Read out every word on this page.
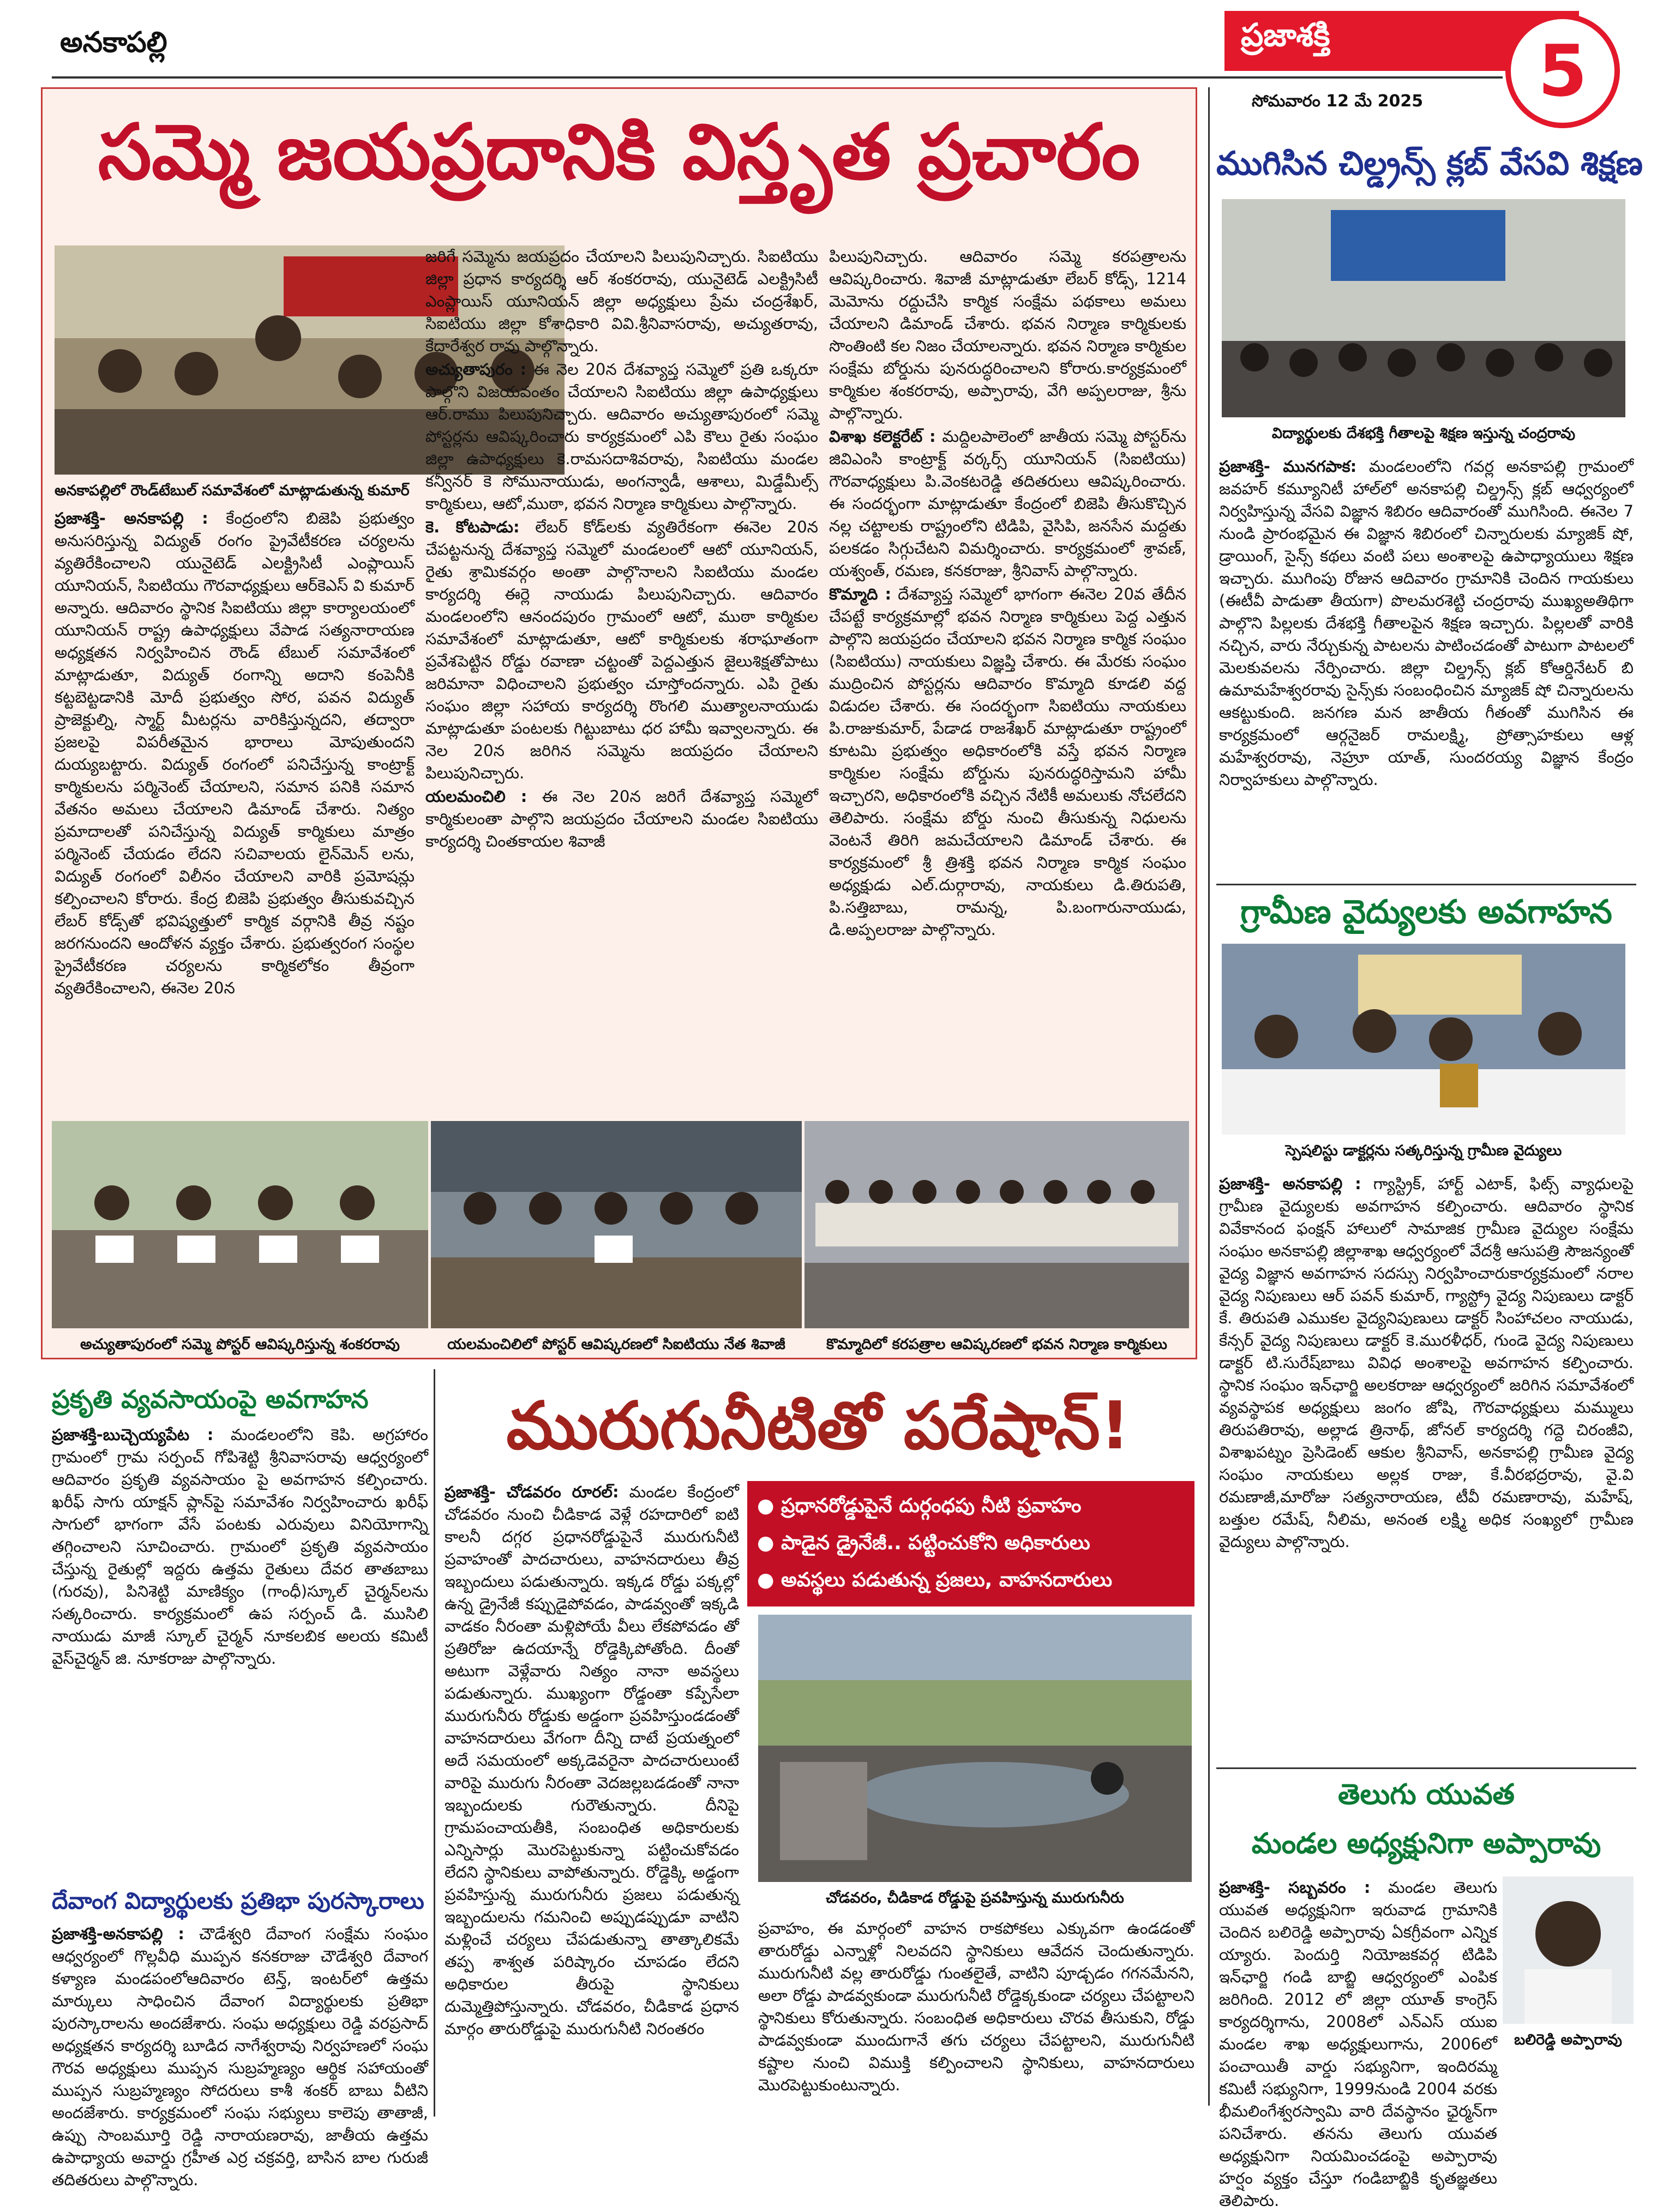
అనకాపల్లి	ప్రజాశక్తి	5
సోమవారం 12 మే 2025
సమ్మె జయప్రదానికి విస్తృత ప్రచారం
అనకాపల్లిలో రౌండ్‌టేబుల్ సమావేశంలో మాట్లాడుతున్న కుమార్

ప్రజాశక్తి- అనకాపల్లి : కేంద్రంలోని బిజెపి ప్రభుత్వం అనుసరిస్తున్న విద్యుత్ రంగం ప్రైవేటీకరణ చర్యలను వ్యతిరేకించాలని యునైటెడ్ ఎలక్ట్రిసిటీ ఎంప్లాయిస్ యూనియన్, సిఐటియు గౌరవాధ్యక్షులు ఆర్‌కెఎస్ వి కుమార్ అన్నారు. ఆదివారం స్థానిక సిఐటియు జిల్లా కార్యాలయంలో యూనియన్ రాష్ట్ర ఉపాధ్యక్షులు వేపాడ సత్యనారాయణ అధ్యక్షతన నిర్వహించిన రౌండ్ టేబుల్ సమావేశంలో మాట్లాడుతూ, విద్యుత్ రంగాన్ని అదాని కంపెనీకి కట్టబెట్టడానికి మోదీ ప్రభుత్వం సోర, పవన విద్యుత్ ప్రాజెక్టుల్ని, స్మార్ట్ మీటర్లను వారికిస్తున్నదని, తద్వారా ప్రజలపై విపరీతమైన భారాలు మోపుతుందని దుయ్యబట్టారు. విద్యుత్ రంగంలో పనిచేస్తున్న కాంట్రాక్ట్ కార్మికులను పర్మినెంట్ చేయాలని, సమాన పనికి సమాన వేతనం అమలు చేయాలని డిమాండ్ చేశారు. నిత్యం ప్రమాదాలతో పనిచేస్తున్న విద్యుత్ కార్మికులు మాత్రం పర్మినెంట్ చేయడం లేదని సచివాలయ లైన్‌మెన్ లను, విద్యుత్ రంగంలో విలీనం చేయాలని వారికి ప్రమోషన్లు కల్పించాలని కోరారు. కేంద్ర బిజెపి ప్రభుత్వం తీసుకువచ్చిన లేబర్ కోడ్స్‌తో భవిష్యత్తులో కార్మిక వర్గానికి తీవ్ర నష్టం జరగనుందని ఆందోళన వ్యక్తం చేశారు. ప్రభుత్వరంగ సంస్థల ప్రైవేటీకరణ చర్యలను కార్మికలోకం తీవ్రంగా వ్యతిరేకించాలని, ఈనెల 20న

జరిగే సమ్మెను జయప్రదం చేయాలని పిలుపునిచ్చారు. సిఐటియు జిల్లా ప్రధాన కార్యదర్శి ఆర్ శంకరరావు, యునైటెడ్ ఎలక్ట్రిసిటీ ఎంప్లాయిస్ యూనియన్ జిల్లా అధ్యక్షులు ప్రేమ చంద్రశేఖర్, సిఐటియు జిల్లా కోశాధికారి వివి.శ్రీనివాసరావు, అచ్యుతరావు, కేదారేశ్వర రావు పాల్గొన్నారు.

అచ్యుతాపురం : ఈ నెల 20న దేశవ్యాప్త సమ్మెలో ప్రతి ఒక్కరూ పాల్గొని విజయవంతం చేయాలని సిఐటియు జిల్లా ఉపాధ్యక్షులు ఆర్.రాము పిలుపునిచ్చారు. ఆదివారం అచ్యుతాపురంలో సమ్మె పోస్టర్లను ఆవిష్కరించారు కార్యక్రమంలో ఎపి కౌలు రైతు సంఘం జిల్లా ఉపాధ్యక్షులు కె.రామసదాశివరావు, సిఐటియు మండల కన్వీనర్ కె సోమునాయుడు, అంగన్వాడీ, ఆశాలు, మిడ్డేమీల్స్ కార్మికులు, ఆటో,ముఠా, భవన నిర్మాణ కార్మికులు పాల్గొన్నారు.

కె. కోటపాడు: లేబర్ కోడ్‌లకు వ్యతిరేకంగా ఈనెల 20న చేపట్టనున్న దేశవ్యాప్త సమ్మెలో మండలంలో ఆటో యూనియన్, రైతు శ్రామికవర్గం అంతా పాల్గొనాలని సిఐటియు మండల కార్యదర్శి ఈర్లె నాయుడు పిలుపునిచ్చారు. ఆదివారం మండలంలోని ఆనందపురం గ్రామంలో ఆటో, ముఠా కార్మికుల సమావేశంలో మాట్లాడుతూ, ఆటో కార్మికులకు శరాఘాతంగా ప్రవేశపెట్టిన రోడ్డు రవాణా చట్టంతో పెద్దఎత్తున జైలుశిక్షతోపాటు జరిమానా విధించాలని ప్రభుత్వం చూస్తోందన్నారు. ఎపి రైతు సంఘం జిల్లా సహాయ కార్యదర్శి రొంగలి ముత్యాలనాయుడు మాట్లాడుతూ పంటలకు గిట్టుబాటు ధర హామీ ఇవ్వాలన్నారు. ఈ నెల 20న జరిగిన సమ్మెను జయప్రదం చేయాలని పిలుపునిచ్చారు.

యలమంచిలి : ఈ నెల 20న జరిగే దేశవ్యాప్త సమ్మెలో కార్మికులంతా పాల్గొని జయప్రదం చేయాలని మండల సిఐటియు కార్యదర్శి చింతకాయల శివాజీ

పిలుపునిచ్చారు. ఆదివారం సమ్మె కరపత్రాలను ఆవిష్కరించారు. శివాజీ మాట్లాడుతూ లేబర్ కోడ్స్, 1214 మెమోను రద్దుచేసి కార్మిక సంక్షేమ పథకాలు అమలు చేయాలని డిమాండ్ చేశారు. భవన నిర్మాణ కార్మికులకు సొంతింటి కల నిజం చేయాలన్నారు. భవన నిర్మాణ కార్మికుల సంక్షేమ బోర్డును పునరుద్ధరించాలని కోరారు.కార్యక్రమంలో కార్మికుల శంకరరావు, అప్పారావు, వేగి అప్పలరాజు, శ్రీను పాల్గొన్నారు.

విశాఖ కలెక్టరేట్ : మద్దిలపాలెంలో జాతీయ సమ్మె పోస్టర్‌ను జివిఎంసి కాంట్రాక్ట్ వర్కర్స్ యూనియన్ (సిఐటియు) గౌరవాధ్యక్షులు పి.వెంకటరెడ్డి తదితరులు ఆవిష్కరించారు. ఈ సందర్భంగా మాట్లాడుతూ కేంద్రంలో బిజెపి తీసుకొచ్చిన నల్ల చట్టాలకు రాష్ట్రంలోని టిడిపి, వైసిపి, జనసేన మద్దతు పలకడం సిగ్గుచేటని విమర్శించారు. కార్యక్రమంలో శ్రావణ్, యశ్వంత్, రమణ, కనకరాజు, శ్రీనివాస్ పాల్గొన్నారు.

కొమ్మాది : దేశవ్యాప్త సమ్మెలో భాగంగా ఈనెల 20వ తేదీన చేపట్టే కార్యక్రమాల్లో భవన నిర్మాణ కార్మికులు పెద్ద ఎత్తున పాల్గొని జయప్రదం చేయాలని భవన నిర్మాణ కార్మిక సంఘం (సిఐటియు) నాయకులు విజ్ఞప్తి చేశారు. ఈ మేరకు సంఘం ముద్రించిన పోస్టర్లను ఆదివారం కొమ్మాది కూడలి వద్ద విడుదల చేశారు. ఈ సందర్భంగా సిఐటియు నాయకులు పి.రాజుకుమార్, పేడాడ రాజశేఖర్ మాట్లాడుతూ రాష్ట్రంలో కూటమి ప్రభుత్వం అధికారంలోకి వస్తే భవన నిర్మాణ కార్మికుల సంక్షేమ బోర్డును పునరుద్ధరిస్తామని హామీ ఇచ్చారని, అధికారంలోకి వచ్చిన నేటికీ అమలుకు నోచలేదని తెలిపారు. సంక్షేమ బోర్డు నుంచి తీసుకున్న నిధులను వెంటనే తిరిగి జమచేయాలని డిమాండ్ చేశారు. ఈ కార్యక్రమంలో శ్రీ త్రిశక్తి భవన నిర్మాణ కార్మిక సంఘం అధ్యక్షుడు ఎల్.దుర్గారావు, నాయకులు డి.తిరుపతి, పి.సత్తిబాబు, రామన్న, పి.బంగారునాయుడు, డి.అప్పలరాజు పాల్గొన్నారు.

అచ్యుతాపురంలో సమ్మె పోస్టర్ ఆవిష్కరిస్తున్న శంకరరావు	యలమంచిలిలో పోస్టర్ ఆవిష్కరణలో సిఐటియు నేత శివాజీ	కొమ్మాదిలో కరపత్రాల ఆవిష్కరణలో భవన నిర్మాణ కార్మికులు
ముగిసిన చిల్డ్రన్స్ క్లబ్ వేసవి శిక్షణ
విద్యార్థులకు దేశభక్తి గీతాలపై శిక్షణ ఇస్తున్న చంద్రరావు

ప్రజాశక్తి- మునగపాక: మండలంలోని గవర్ల అనకాపల్లి గ్రామంలో జవహర్ కమ్యూనిటీ హాల్‌లో అనకాపల్లి చిల్డ్రన్స్ క్లబ్ ఆధ్వర్యంలో నిర్వహిస్తున్న వేసవి విజ్ఞాన శిబిరం ఆదివారంతో ముగిసింది. ఈనెల 7 నుండి ప్రారంభమైన ఈ విజ్ఞాన శిబిరంలో చిన్నారులకు మ్యాజిక్ షో, డ్రాయింగ్, సైన్స్ కథలు వంటి పలు అంశాలపై ఉపాధ్యాయులు శిక్షణ ఇచ్చారు. ముగింపు రోజున ఆదివారం గ్రామానికి చెందిన గాయకులు (ఈటీవీ పాడుతా తీయగా) పొలమరశెట్టి చంద్రరావు ముఖ్యఅతిథిగా పాల్గొని పిల్లలకు దేశభక్తి గీతాలపైన శిక్షణ ఇచ్చారు. పిల్లలతో వారికి నచ్చిన, వారు నేర్చుకున్న పాటలను పాటించడంతో పాటుగా పాటలలో మెలకువలను నేర్పించారు. జిల్లా చిల్డ్రన్స్ క్లబ్ కోఆర్డినేటర్ బి ఉమామహేశ్వరరావు సైన్స్‌కు సంబంధించిన మ్యాజిక్ షో చిన్నారులను ఆకట్టుకుంది. జనగణ మన జాతీయ గీతంతో ముగిసిన ఈ కార్యక్రమంలో ఆర్గనైజర్ రామలక్ష్మి, ప్రోత్సాహకులు ఆళ్ల మహేశ్వరరావు, నెహ్రూ యాత్, సుందరయ్య విజ్ఞాన కేంద్రం నిర్వాహకులు పాల్గొన్నారు.

గ్రామీణ వైద్యులకు అవగాహన
స్పెషలిస్టు డాక్టర్లను సత్కరిస్తున్న గ్రామీణ వైద్యులు

ప్రజాశక్తి- అనకాపల్లి : గ్యాస్ట్రిక్, హార్ట్ ఎటాక్, ఫిట్స్ వ్యాధులపై గ్రామీణ వైద్యులకు అవగాహన కల్పించారు. ఆదివారం స్థానిక వివేకానంద ఫంక్షన్ హాలులో సామాజిక గ్రామీణ వైద్యుల సంక్షేమ సంఘం అనకాపల్లి జిల్లాశాఖ ఆధ్వర్యంలో వేదశ్రీ ఆసుపత్రి సౌజన్యంతో వైద్య విజ్ఞాన అవగాహన సదస్సు నిర్వహించారుకార్యక్రమంలో నరాల వైద్య నిపుణులు ఆర్ పవన్ కుమార్, గ్యాస్ట్రో వైద్య నిపుణులు డాక్టర్ కే. తిరుపతి ఎముకల వైద్యనిపుణులు డాక్టర్ సింహాచలం నాయుడు, కేన్సర్ వైద్య నిపుణులు డాక్టర్ కె.మురళీధర్, గుండె వైద్య నిపుణులు డాక్టర్ టి.సురేష్‌బాబు వివిధ అంశాలపై అవగాహన కల్పించారు. స్థానిక సంఘం ఇన్‌ఛార్జి అలకరాజు ఆధ్వర్యంలో జరిగిన సమావేశంలో వ్యవస్థాపక అధ్యక్షులు జంగం జోషి, గౌరవాధ్యక్షులు మమ్ములు తిరుపతిరావు, అల్లాడ త్రినాథ్, జోనల్ కార్యదర్శి గద్దె చిరంజీవి, విశాఖపట్నం ప్రెసిడెంట్ ఆకుల శ్రీనివాస్, అనకాపల్లి గ్రామీణ వైద్య సంఘం నాయకులు అల్లక రాజు, కే.వీరభద్రరావు, వై.వి రమణాజీ,మారోజు సత్యనారాయణ, టీవీ రమణారావు, మహేష్, బత్తుల రమేష్, నీలిమ, అనంత లక్ష్మి అధిక సంఖ్యలో గ్రామీణ వైద్యులు పాల్గొన్నారు.

తెలుగు యువత
మండల అధ్యక్షునిగా అప్పారావు
బలిరెడ్డి అప్పారావు

ప్రజాశక్తి- సబ్బవరం : మండల తెలుగు యువత అధ్యక్షునిగా ఇరువాడ గ్రామానికి చెందిన బలిరెడ్డి అప్పారావు ఏకగ్రీవంగా ఎన్నిక య్యారు. పెందుర్తి నియోజకవర్గ టిడిపి ఇన్‌ఛార్జి గండి బాబ్జి ఆధ్వర్యంలో ఎంపిక జరిగింది. 2012 లో జిల్లా యూత్ కాంగ్రెస్ కార్యదర్శిగాను, 2008లో ఎన్ఎస్ యుఐ మండల శాఖ అధ్యక్షులుగాను, 2006లో పంచాయితీ వార్డు సభ్యునిగా, ఇందిరమ్మ కమిటీ సభ్యునిగా, 1999నుండి 2004 వరకు భీమలింగేశ్వరస్వామి వారి దేవస్థానం ఛైర్మన్‌గా పనిచేశారు. తనను తెలుగు యువత అధ్యక్షునిగా నియమించడంపై అప్పారావు హర్షం వ్యక్తం చేస్తూ గండిబాబ్జికి కృతజ్ఞతలు తెలిపారు.

ప్రకృతి వ్యవసాయంపై అవగాహన

ప్రజాశక్తి-బుచ్చెయ్యపేట : మండలంలోని కెపి. అగ్రహారం గ్రామంలో గ్రామ సర్పంచ్ గోపిశెట్టి శ్రీనివాసరావు ఆధ్వర్యంలో ఆదివారం ప్రకృతి వ్యవసాయం పై అవగాహన కల్పించారు. ఖరీఫ్ సాగు యాక్షన్ ప్లాన్‌పై సమావేశం నిర్వహించారు ఖరీఫ్ సాగులో భాగంగా వేసే పంటకు ఎరువులు వినియోగాన్ని తగ్గించాలని సూచించారు. గ్రామంలో ప్రకృతి వ్యవసాయం చేస్తున్న రైతుల్లో ఇద్దరు ఉత్తమ రైతులు దేవర తాతబాబు (గురవు), పినిశెట్టి మాణిక్యం (గాంధీ)స్కూల్ చైర్మన్‌లను సత్కరించారు. కార్యక్రమంలో ఉప సర్పంచ్ డి. ముసిలి నాయుడు మాజీ స్కూల్ చైర్మన్ నూకలబిక అలయ కమిటీ వైస్‌చైర్మన్ జి. నూకరాజు పాల్గొన్నారు.

దేవాంగ విద్యార్థులకు ప్రతిభా పురస్కారాలు

ప్రజాశక్తి-అనకాపల్లి : చౌడేశ్వరి దేవాంగ సంక్షేమ సంఘం ఆధ్వర్యంలో గొల్లవీధి ముప్పన కనకరాజు చౌడేశ్వరి దేవాంగ కళ్యాణ మండపంలోఆదివారం టెన్త్, ఇంటర్‌లో ఉత్తమ మార్కులు సాధించిన దేవాంగ విద్యార్థులకు ప్రతిభా పురస్కారాలను అందజేశారు. సంఘ అధ్యక్షులు రెడ్డి వరప్రసాద్ అధ్యక్షతన కార్యదర్శి బూడిద నాగేశ్వరావు నిర్వహణలో సంఘ గౌరవ అధ్యక్షులు ముప్పన సుబ్రహ్మణ్యం ఆర్థిక సహాయంతో ముప్పన సుబ్రహ్మణ్యం సోదరులు కాశీ శంకర్ బాబు వీటిని అందజేశారు. కార్యక్రమంలో సంఘ సభ్యులు కాలెపు తాతాజీ, ఉప్పు సాంబమూర్తి రెడ్డి నారాయణరావు, జాతీయ ఉత్తమ ఉపాధ్యాయ అవార్డు గ్రహీత ఎర్ర చక్రవర్తి, బాసిన బాల గురుజీ తదితరులు పాల్గొన్నారు.

మురుగునీటితో పరేషాన్!
● ప్రధానరోడ్డుపైనే దుర్గంధపు నీటి ప్రవాహం
● పాడైన డ్రైనేజీ.. పట్టించుకోని అధికారులు
● అవస్థలు పడుతున్న ప్రజలు, వాహనదారులు
చోడవరం, చీడికాడ రోడ్డుపై ప్రవహిస్తున్న మురుగునీరు

ప్రజాశక్తి- చోడవరం రూరల్: మండల కేంద్రంలో చోడవరం నుంచి చీడికాడ వెళ్లే రహదారిలో ఐటి కాలనీ దగ్గర ప్రధానరోడ్డుపైనే మురుగునీటి ప్రవాహంతో పాదచారులు, వాహనదారులు తీవ్ర ఇబ్బందులు పడుతున్నారు. ఇక్కడ రోడ్డు పక్కల్లో ఉన్న డ్రైనేజీ కప్పుడైపోవడం, పాడవ్వంతో ఇక్కడి వాడకం నీరంతా మళ్లిపోయే వీలు లేకపోవడం తో ప్రతిరోజు ఉదయాన్నే రోడ్డెక్కిపోతోంది. దీంతో అటుగా వెళ్లేవారు నిత్యం నానా అవస్థలు పడుతున్నారు. ముఖ్యంగా రోడ్డంతా కప్పేసేలా మురుగునీరు రోడ్డుకు అడ్డంగా ప్రవహిస్తుండడంతో వాహనదారులు వేగంగా దీన్ని దాటే ప్రయత్నంలో అదే సమయంలో అక్కడెవరైనా పాదచారులుంటే వారిపై మురుగు నీరంతా వెదజల్లబడడంతో నానా ఇబ్బందులకు గురౌతున్నారు. దీనిపై గ్రామపంచాయతీకి, సంబంధిత అధికారులకు ఎన్నిసార్లు మొరపెట్టుకున్నా పట్టించుకోవడం లేదని స్థానికులు వాపోతున్నారు. రోడ్డెక్కి అడ్డంగా ప్రవహిస్తున్న మురుగునీరు ప్రజలు పడుతున్న ఇబ్బందులను గమనించి అప్పుడప్పుడూ వాటిని మళ్లించే చర్యలు చేపడుతున్నా తాత్కాలికమే తప్ప శాశ్వత పరిష్కారం చూపడం లేదని అధికారుల తీరుపై స్థానికులు దుమ్మెత్తిపోస్తున్నారు. చోడవరం, చీడికాడ ప్రధాన మార్గం తారురోడ్డుపై మురుగునీటి నిరంతరం

ప్రవాహం, ఈ మార్గంలో వాహన రాకపోకలు ఎక్కువగా ఉండడంతో తారురోడ్డు ఎన్నాళ్లో నిలవదని స్థానికులు ఆవేదన చెందుతున్నారు. మురుగునీటి వల్ల తారురోడ్డు గుంతలైతే, వాటిని పూడ్చడం గగనమేనని, అలా రోడ్డు పాడవ్వకుండా మురుగునీటి రోడ్డెక్కకుండా చర్యలు చేపట్టాలని స్థానికులు కోరుతున్నారు. సంబంధిత అధికారులు చొరవ తీసుకుని, రోడ్డు పాడవ్వకుండా ముందుగానే తగు చర్యలు చేపట్టాలని, మురుగునీటి కష్టాల నుంచి విముక్తి కల్పించాలని స్థానికులు, వాహనదారులు మొరపెట్టుకుంటున్నారు.
